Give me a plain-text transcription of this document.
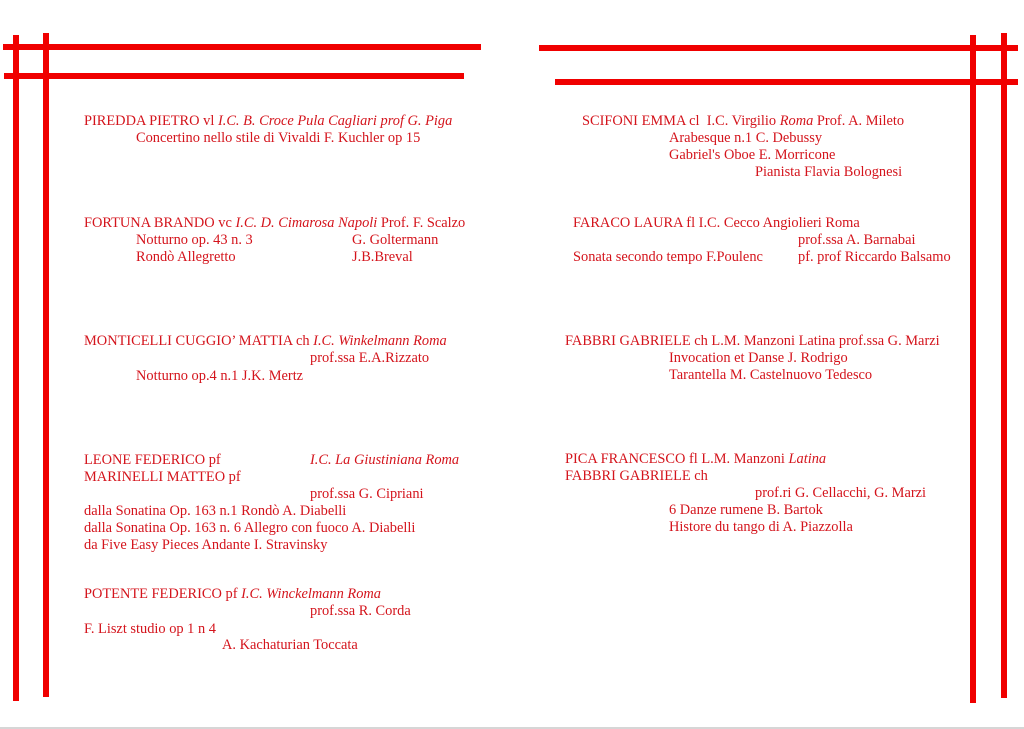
PIREDDA PIETRO vl I.C. B. Croce Pula Cagliari prof G. Piga
Concertino nello stile di Vivaldi F. Kuchler op 15
FORTUNA BRANDO vc I.C. D. Cimarosa Napoli Prof. F. Scalzo
Notturno op. 43 n. 3	G. Goltermann
Rondò Allegretto	J.B.Breval
MONTICELLI CUGGIO’ MATTIA ch I.C. Winkelmann Roma
prof.ssa E.A.Rizzato
Notturno op.4 n.1 J.K. Mertz
LEONE FEDERICO pf	I.C. La Giustiniana Roma
MARINELLI MATTEO pf
prof.ssa G. Cipriani
dalla Sonatina Op. 163 n.1 Rondò A. Diabelli
dalla Sonatina Op. 163 n. 6 Allegro con fuoco A. Diabelli
da Five Easy Pieces Andante I. Stravinsky
POTENTE FEDERICO pf I.C. Winckelmann Roma
prof.ssa R. Corda
F. Liszt studio op 1 n 4
A. Kachaturian Toccata
SCIFONI EMMA cl I.C. Virgilio Roma Prof. A. Mileto
Arabesque n.1 C. Debussy
Gabriel's Oboe E. Morricone
Pianista Flavia Bolognesi
FARACO LAURA fl I.C. Cecco Angiolieri Roma
prof.ssa A. Barnabai
Sonata secondo tempo F.Poulenc pf. prof Riccardo Balsamo
FABBRI GABRIELE ch L.M. Manzoni Latina prof.ssa G. Marzi
Invocation et Danse J. Rodrigo
Tarantella M. Castelnuovo Tedesco
PICA FRANCESCO fl L.M. Manzoni Latina
FABBRI GABRIELE ch
prof.ri G. Cellacchi, G. Marzi
6 Danze rumene B. Bartok
Histore du tango di A. Piazzolla
